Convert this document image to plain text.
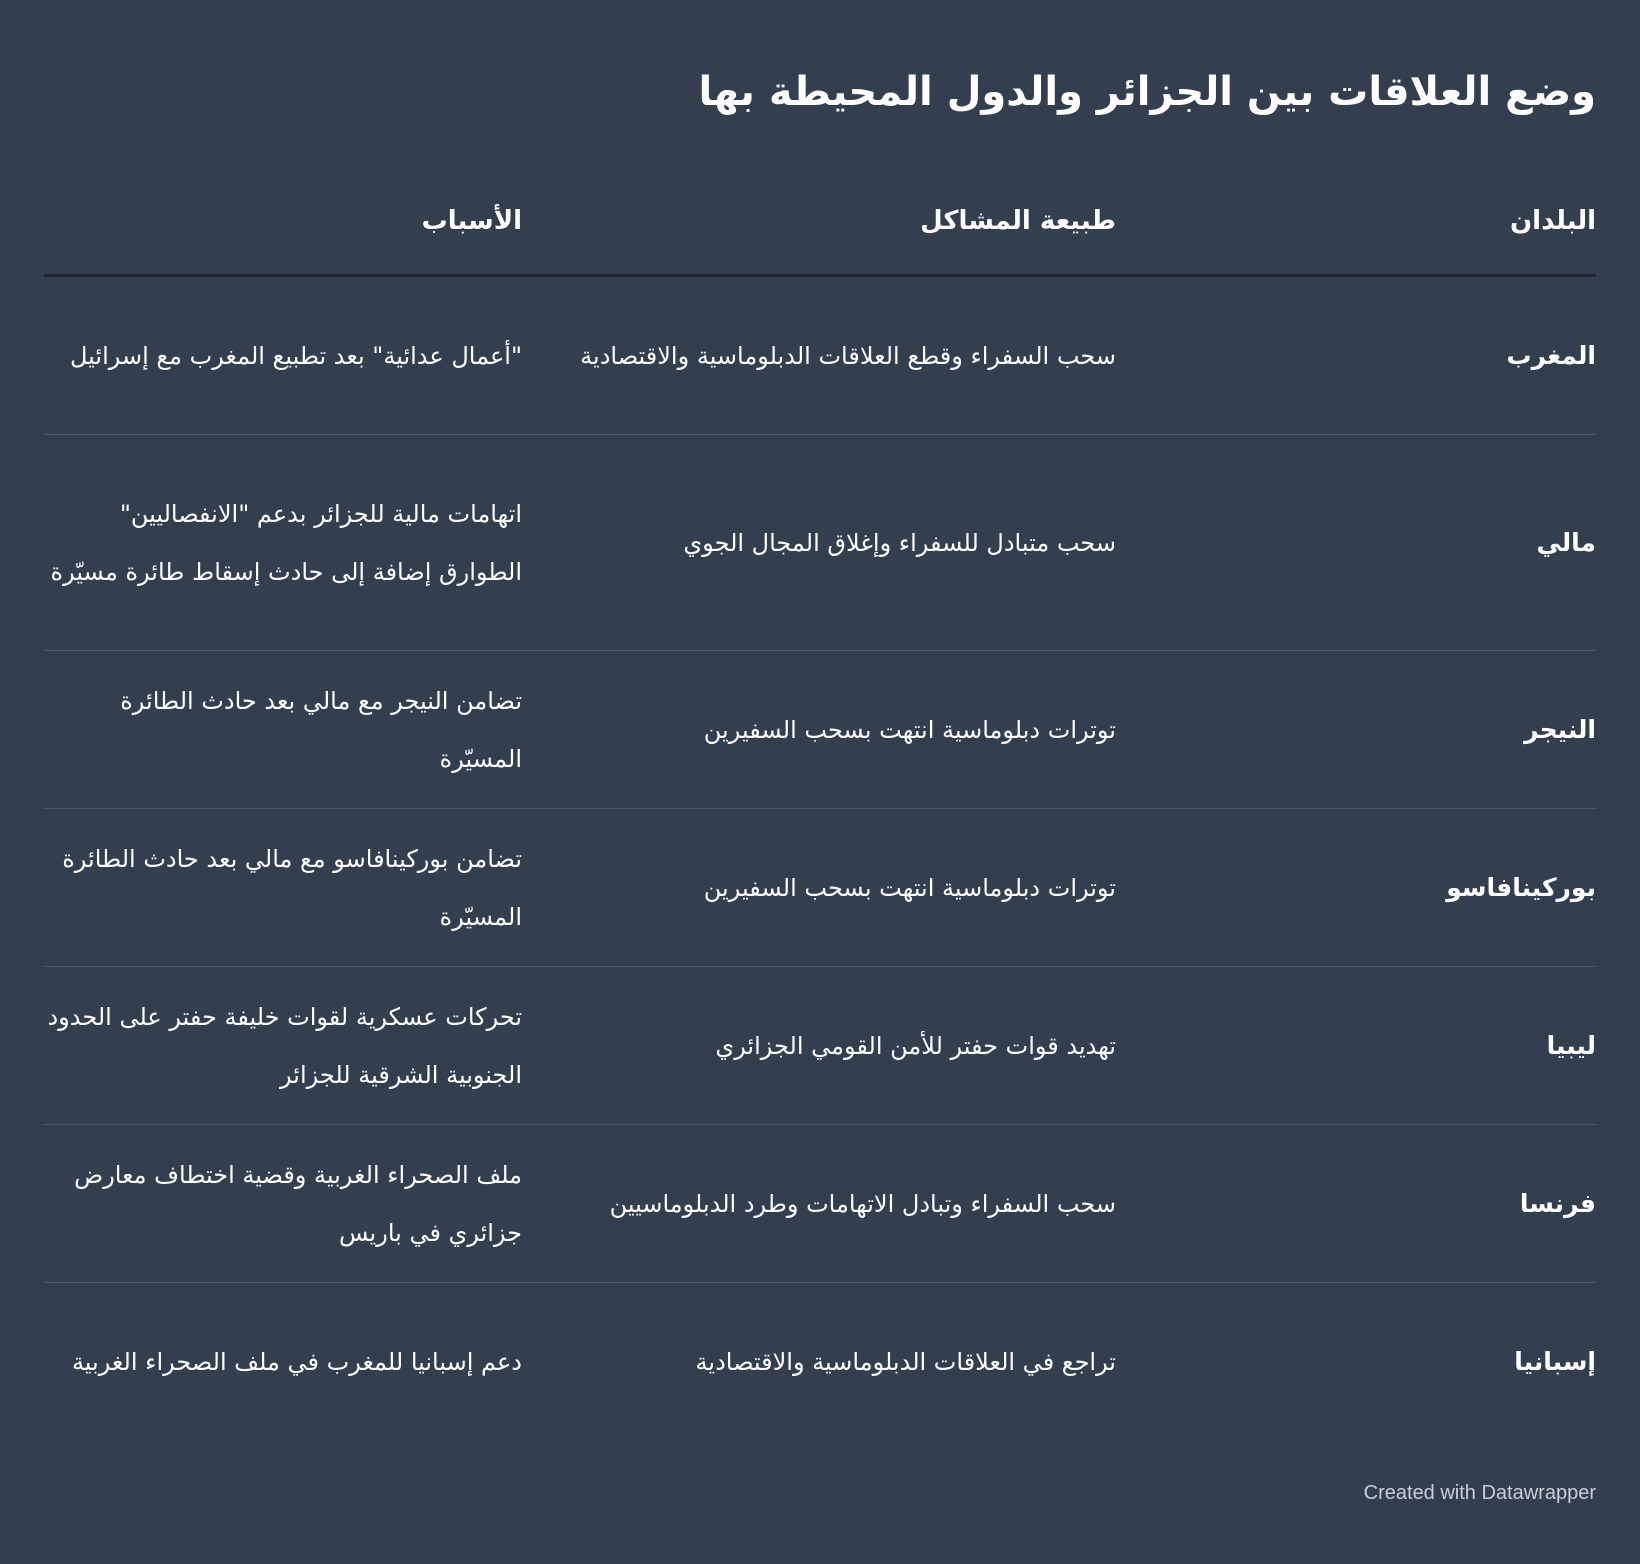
وضع العلاقات بين الجزائر والدول المحيطة بها
البلدان
طبيعة المشاكل
الأسباب
المغرب
سحب السفراء وقطع العلاقات الدبلوماسية والاقتصادية
"أعمال عدائية" بعد تطبيع المغرب مع إسرائيل
مالي
سحب متبادل للسفراء وإغلاق المجال الجوي
اتهامات مالية للجزائر بدعم "الانفصاليين" الطوارق إضافة إلى حادث إسقاط طائرة مسيّرة
النيجر
توترات دبلوماسية انتهت بسحب السفيرين
تضامن النيجر مع مالي بعد حادث الطائرة المسيّرة
بوركينافاسو
توترات دبلوماسية انتهت بسحب السفيرين
تضامن بوركينافاسو مع مالي بعد حادث الطائرة المسيّرة
ليبيا
تهديد قوات حفتر للأمن القومي الجزائري
تحركات عسكرية لقوات خليفة حفتر على الحدود الجنوبية الشرقية للجزائر
فرنسا
سحب السفراء وتبادل الاتهامات وطرد الدبلوماسيين
ملف الصحراء الغربية وقضية اختطاف معارض جزائري في باريس
إسبانيا
تراجع في العلاقات الدبلوماسية والاقتصادية
دعم إسبانيا للمغرب في ملف الصحراء الغربية
Created with Datawrapper
